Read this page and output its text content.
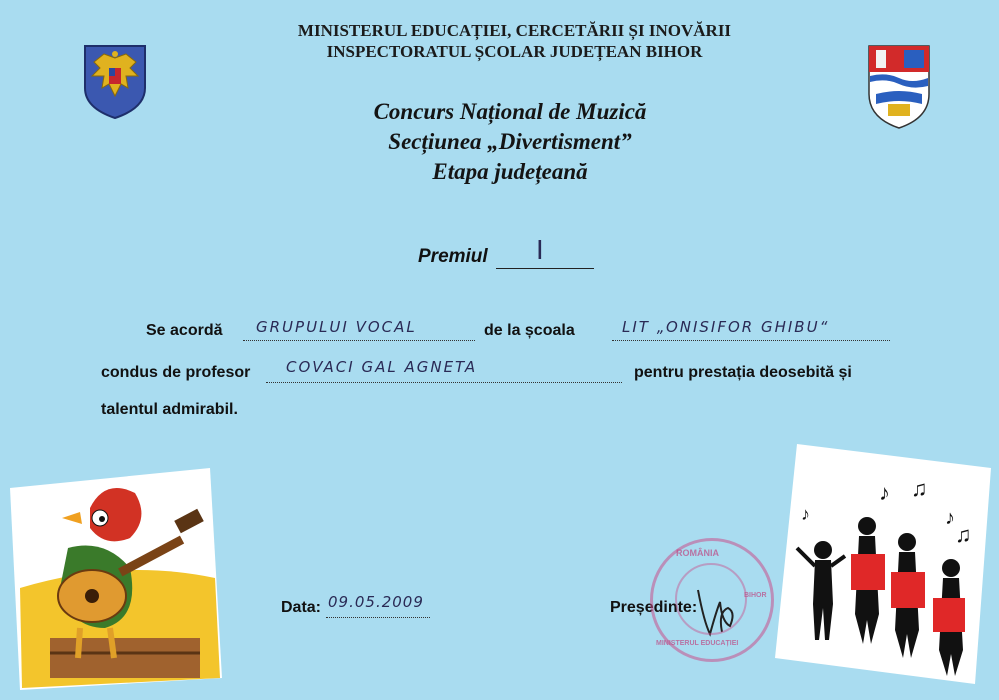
MINISTERUL EDUCAȚIEI, CERCETĂRII ȘI INOVĂRII
INSPECTORATUL ȘCOLAR JUDEȚEAN BIHOR
Concurs Național de Muzică
Secțiunea „Divertisment”
Etapa județeană
Premiul I
Se acordă GRUPULUI VOCAL	de la școala	LIT „ONISIFOR GHIBU“
condus de profesor COVACI GAL AGNETA	pentru prestația deosebită și
talentul admirabil.
Data: 09.05.2009	Președinte:
ROMÂNIA
MINISTERUL EDUCAȚIEI
BIHOR
♪ ♫
♪
♫
♪
